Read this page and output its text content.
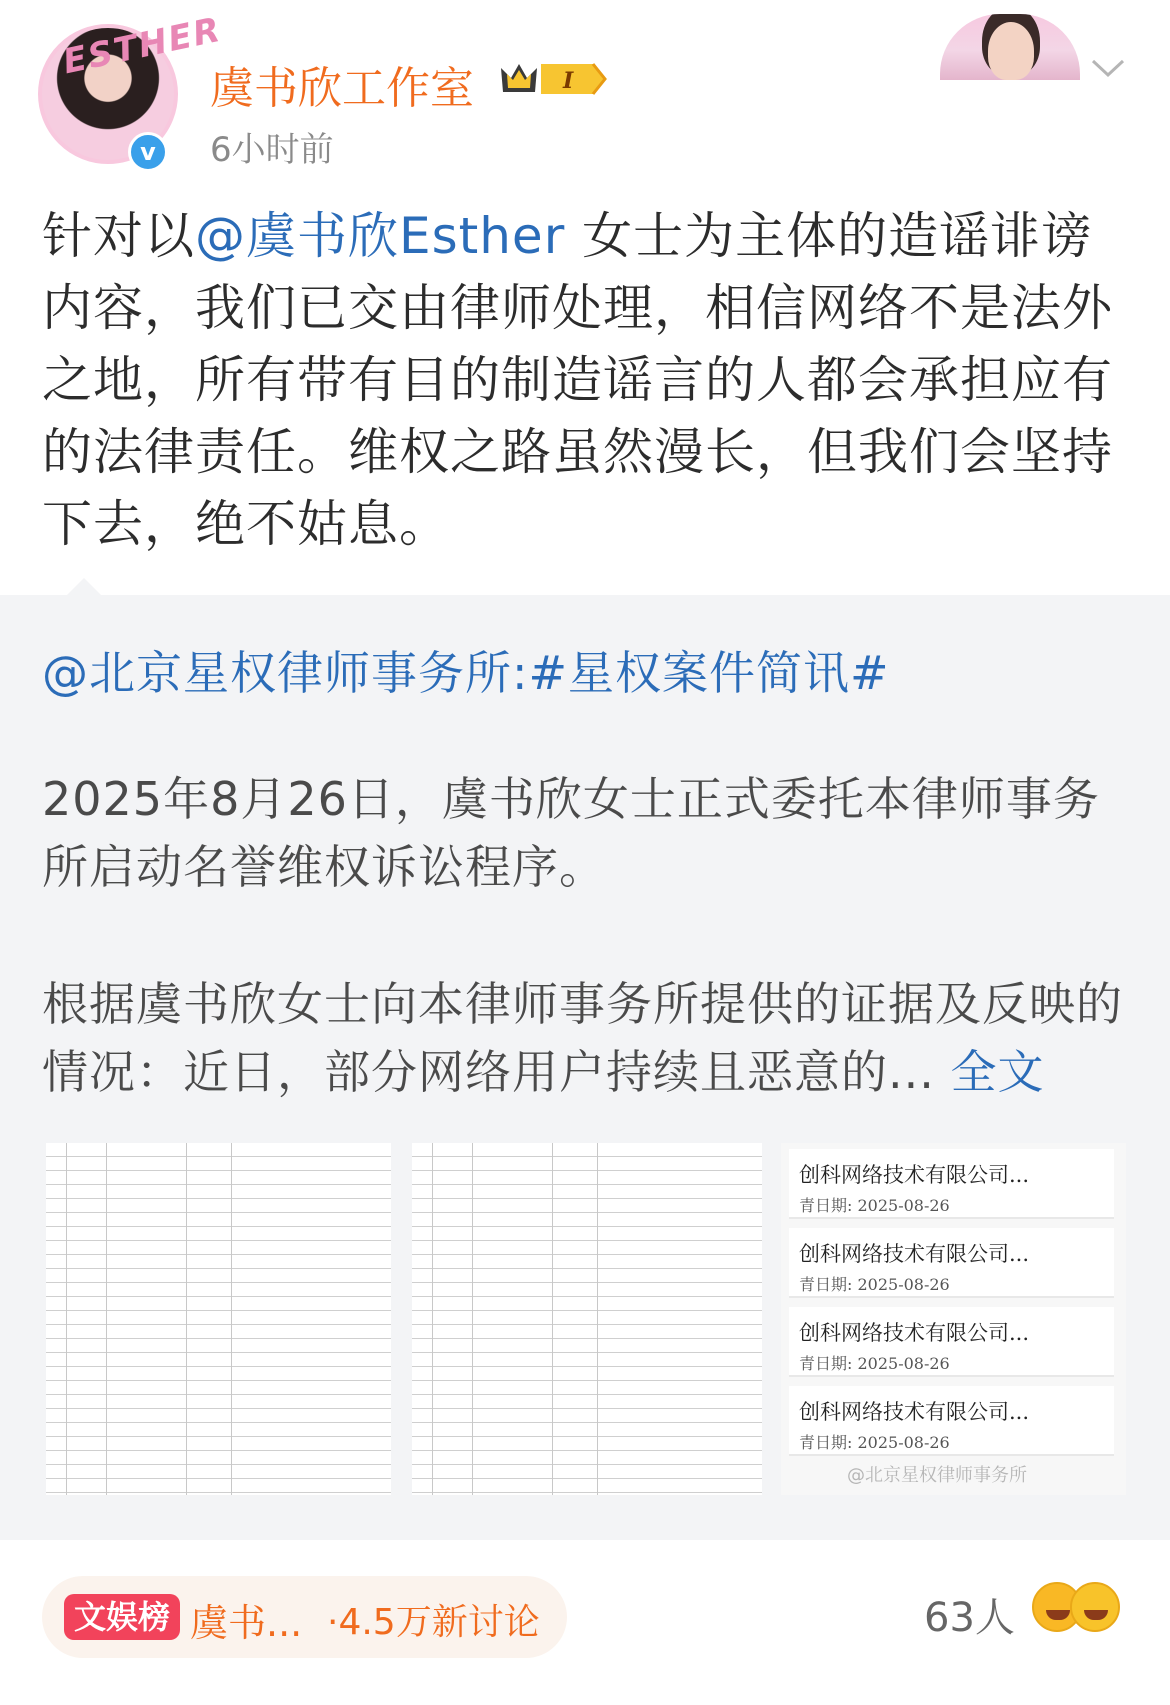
ESTHER
v
虞书欣工作室	I
6小时前
针对以@虞书欣Esther 女士为主体的造谣诽谤内容，我们已交由律师处理，相信网络不是法外之地，所有带有目的制造谣言的人都会承担应有的法律责任。维权之路虽然漫长，但我们会坚持下去，绝不姑息。
@北京星权律师事务所:#星权案件简讯#
2025年8月26日，虞书欣女士正式委托本律师事务所启动名誉维权诉讼程序。
根据虞书欣女士向本律师事务所提供的证据及反映的情况：近日，部分网络用户持续且恶意的... 全文
创科网络技术有限公司...
青日期: 2025-08-26
创科网络技术有限公司...
青日期: 2025-08-26
创科网络技术有限公司...
青日期: 2025-08-26
创科网络技术有限公司...
青日期: 2025-08-26
@北京星权律师事务所
文娱榜 虞书... ·4.5万新讨论	63人
